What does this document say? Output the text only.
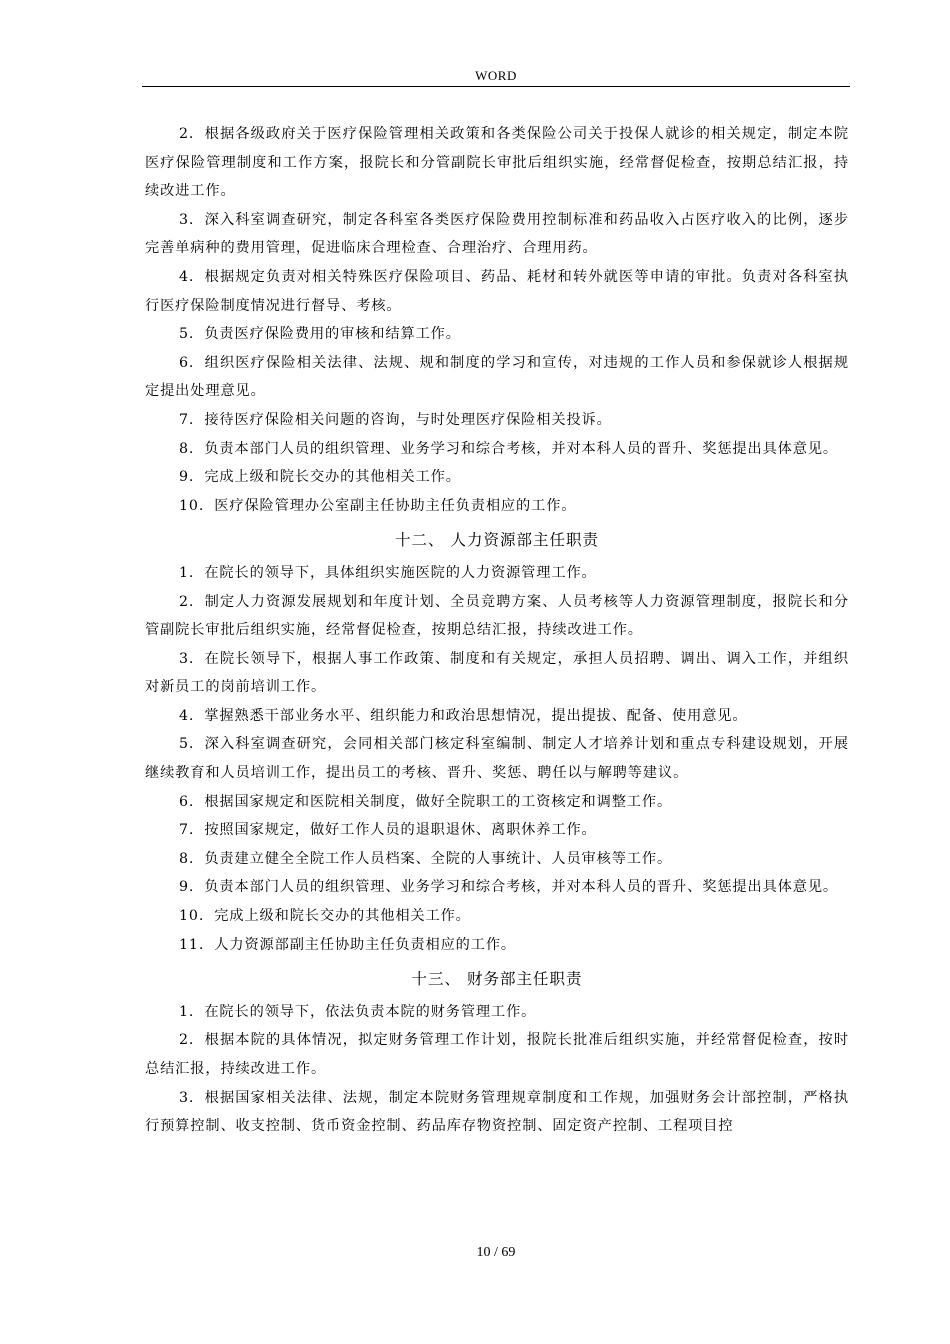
WORD

2. 根据各级政府关于医疗保险管理相关政策和各类保险公司关于投保人就诊的相关规定，制定本院医疗保险管理制度和工作方案，报院长和分管副院长审批后组织实施，经常督促检查，按期总结汇报，持续改进工作。

3. 深入科室调查研究，制定各科室各类医疗保险费用控制标准和药品收入占医疗收入的比例，逐步完善单病种的费用管理，促进临床合理检查、合理治疗、合理用药。

4. 根据规定负责对相关特殊医疗保险项目、药品、耗材和转外就医等申请的审批。负责对各科室执行医疗保险制度情况进行督导、考核。

5. 负责医疗保险费用的审核和结算工作。

6. 组织医疗保险相关法律、法规、规和制度的学习和宣传，对违规的工作人员和参保就诊人根据规定提出处理意见。

7. 接待医疗保险相关问题的咨询，与时处理医疗保险相关投诉。

8. 负责本部门人员的组织管理、业务学习和综合考核，并对本科人员的晋升、奖惩提出具体意见。

9. 完成上级和院长交办的其他相关工作。

10. 医疗保险管理办公室副主任协助主任负责相应的工作。

十二、 人力资源部主任职责

1. 在院长的领导下，具体组织实施医院的人力资源管理工作。

2. 制定人力资源发展规划和年度计划、全员竞聘方案、人员考核等人力资源管理制度，报院长和分管副院长审批后组织实施，经常督促检查，按期总结汇报，持续改进工作。

3. 在院长领导下，根据人事工作政策、制度和有关规定，承担人员招聘、调出、调入工作，并组织对新员工的岗前培训工作。

4. 掌握熟悉干部业务水平、组织能力和政治思想情况，提出提拔、配备、使用意见。

5. 深入科室调查研究，会同相关部门核定科室编制、制定人才培养计划和重点专科建设规划，开展继续教育和人员培训工作，提出员工的考核、晋升、奖惩、聘任以与解聘等建议。

6. 根据国家规定和医院相关制度，做好全院职工的工资核定和调整工作。

7. 按照国家规定，做好工作人员的退职退休、离职休养工作。

8. 负责建立健全全院工作人员档案、全院的人事统计、人员审核等工作。

9. 负责本部门人员的组织管理、业务学习和综合考核，并对本科人员的晋升、奖惩提出具体意见。

10. 完成上级和院长交办的其他相关工作。

11. 人力资源部副主任协助主任负责相应的工作。

十三、 财务部主任职责

1. 在院长的领导下，依法负责本院的财务管理工作。

2. 根据本院的具体情况，拟定财务管理工作计划，报院长批准后组织实施，并经常督促检查，按时总结汇报，持续改进工作。

3. 根据国家相关法律、法规，制定本院财务管理规章制度和工作规，加强财务会计部控制，严格执行预算控制、收支控制、货币资金控制、药品库存物资控制、固定资产控制、工程项目控

10 / 69
